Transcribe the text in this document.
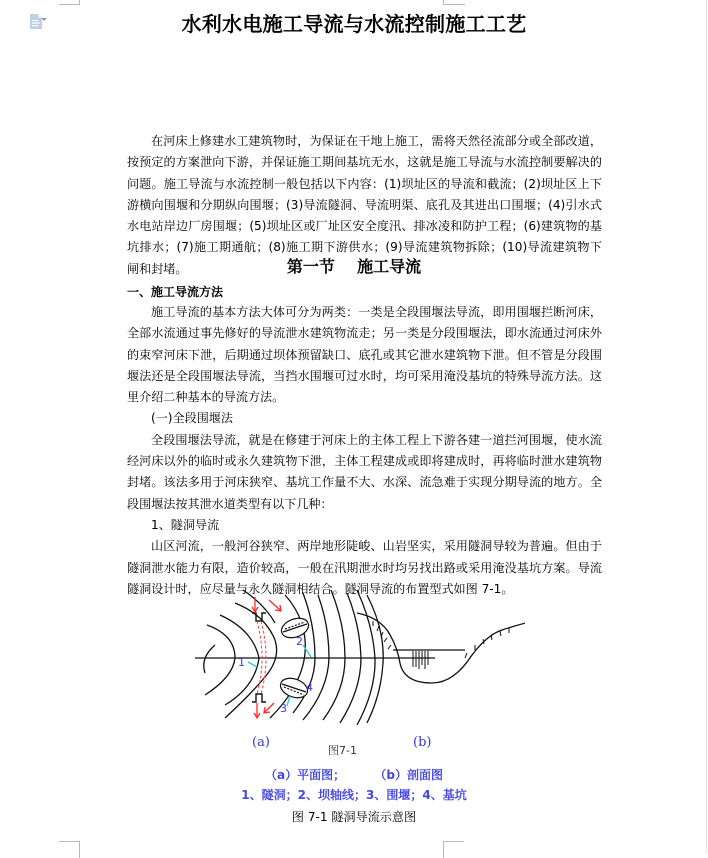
水利水电施工导流与水流控制施工工艺

在河床上修建水工建筑物时，为保证在干地上施工，需将天然径流部分或全部改道，按预定的方案泄向下游，并保证施工期间基坑无水，这就是施工导流与水流控制要解决的问题。施工导流与水流控制一般包括以下内容：(1)坝址区的导流和截流；(2)坝址区上下游横向围堰和分期纵向围堰；(3)导流隧洞、导流明渠、底孔及其进出口围堰；(4)引水式水电站岸边厂房围堰；(5)坝址区或厂址区安全度汛、排冰凌和防护工程；(6)建筑物的基坑排水；(7)施工期通航；(8)施工期下游供水；(9)导流建筑物拆除；(10)导流建筑物下闸和封堵。	第一节    施工导流
一、施工导流方法

施工导流的基本方法大体可分为两类：一类是全段围堰法导流，即用围堰拦断河床，全部水流通过事先修好的导流泄水建筑物流走；另一类是分段围堰法，即水流通过河床外的束窄河床下泄，后期通过坝体预留缺口、底孔或其它泄水建筑物下泄。但不管是分段围堰法还是全段围堰法导流，当挡水围堰可过水时，均可采用淹没基坑的特殊导流方法。这里介绍二种基本的导流方法。

(一)全段围堰法

全段围堰法导流，就是在修建于河床上的主体工程上下游各建一道拦河围堰，使水流经河床以外的临时或永久建筑物下泄，主体工程建成或即将建成时，再将临时泄水建筑物封堵。该法多用于河床狭窄、基坑工作量不大、水深、流急难于实现分期导流的地方。全段围堰法按其泄水道类型有以下几种：

1、隧洞导流

山区河流，一般河谷狭窄、两岸地形陡峻、山岩坚实，采用隧洞导较为普遍。但由于隧洞泄水能力有限，造价较高，一般在汛期泄水时均另找出路或采用淹没基坑方案。导流隧洞设计时，应尽量与永久隧洞相结合。隧洞导流的布置型式如图 7-1。

1
2
3
4
(a)	(b)
图7-1
（a）平面图；       （b）剖面图
1、隧洞；2、坝轴线；3、围堰；4、基坑
图 7-1 隧洞导流示意图
